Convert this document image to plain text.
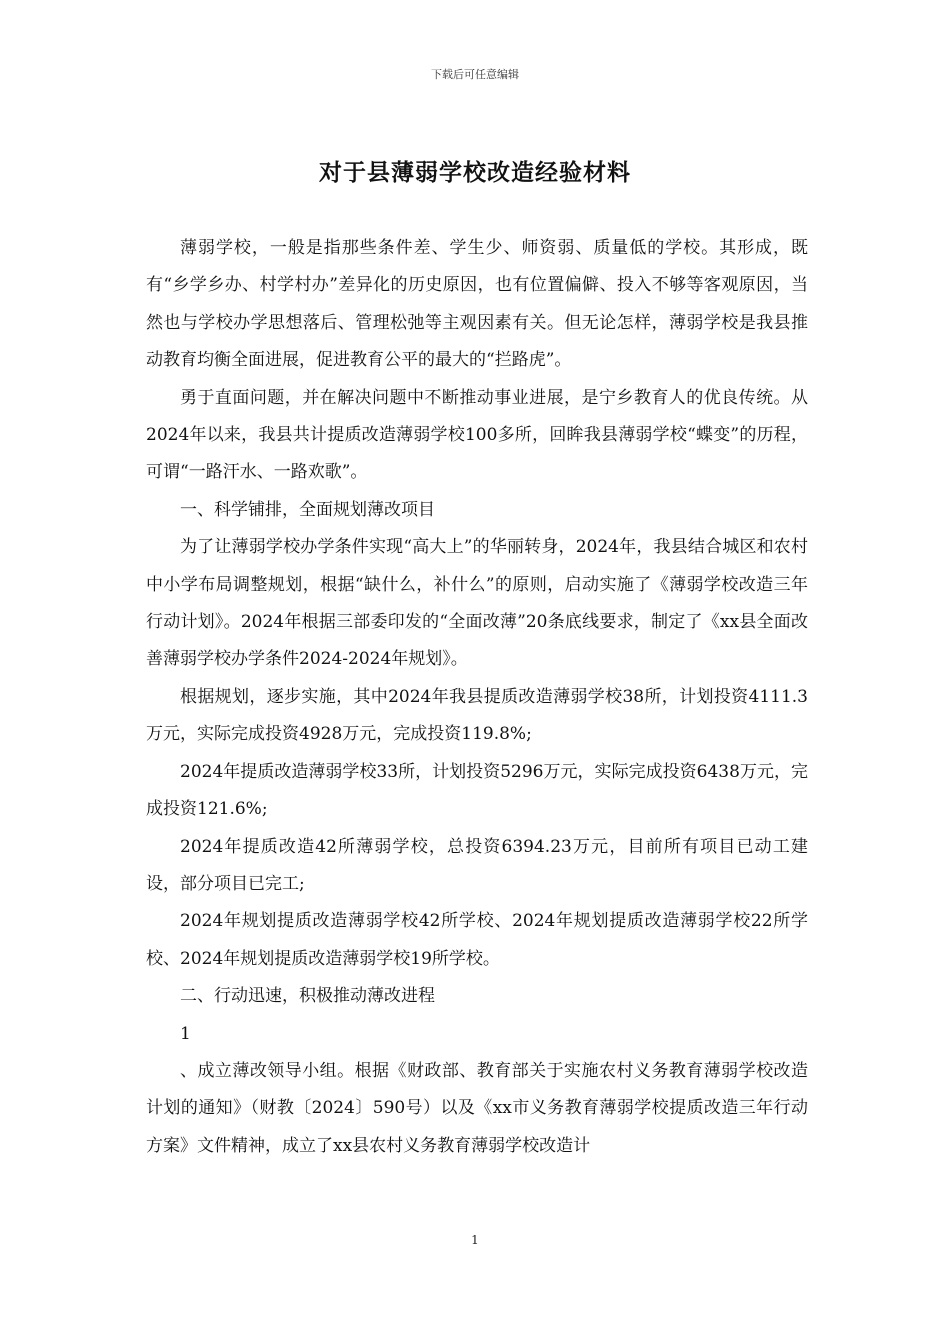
下载后可任意编辑
对于县薄弱学校改造经验材料

薄弱学校，一般是指那些条件差、学生少、师资弱、质量低的学校。其形成，既有“乡学乡办、村学村办”差异化的历史原因，也有位置偏僻、投入不够等客观原因，当然也与学校办学思想落后、管理松弛等主观因素有关。但无论怎样，薄弱学校是我县推动教育均衡全面进展，促进教育公平的最大的“拦路虎”。

勇于直面问题，并在解决问题中不断推动事业进展，是宁乡教育人的优良传统。从2024年以来，我县共计提质改造薄弱学校100多所，回眸我县薄弱学校“蝶变”的历程，可谓“一路汗水、一路欢歌”。

一、科学铺排，全面规划薄改项目

为了让薄弱学校办学条件实现“高大上”的华丽转身，2024年，我县结合城区和农村中小学布局调整规划，根据“缺什么，补什么”的原则，启动实施了《薄弱学校改造三年行动计划》。2024年根据三部委印发的“全面改薄”20条底线要求，制定了《xx县全面改善薄弱学校办学条件2024-2024年规划》。

根据规划，逐步实施，其中2024年我县提质改造薄弱学校38所，计划投资4111.3万元，实际完成投资4928万元，完成投资119.8%;

2024年提质改造薄弱学校33所，计划投资5296万元，实际完成投资6438万元，完成投资121.6%;

2024年提质改造42所薄弱学校，总投资6394.23万元，目前所有项目已动工建设，部分项目已完工;

2024年规划提质改造薄弱学校42所学校、2024年规划提质改造薄弱学校22所学校、2024年规划提质改造薄弱学校19所学校。

二、行动迅速，积极推动薄改进程

1

、成立薄改领导小组。根据《财政部、教育部关于实施农村义务教育薄弱学校改造计划的通知》（财教〔2024〕590号）以及《xx市义务教育薄弱学校提质改造三年行动方案》文件精神，成立了xx县农村义务教育薄弱学校改造计

1
